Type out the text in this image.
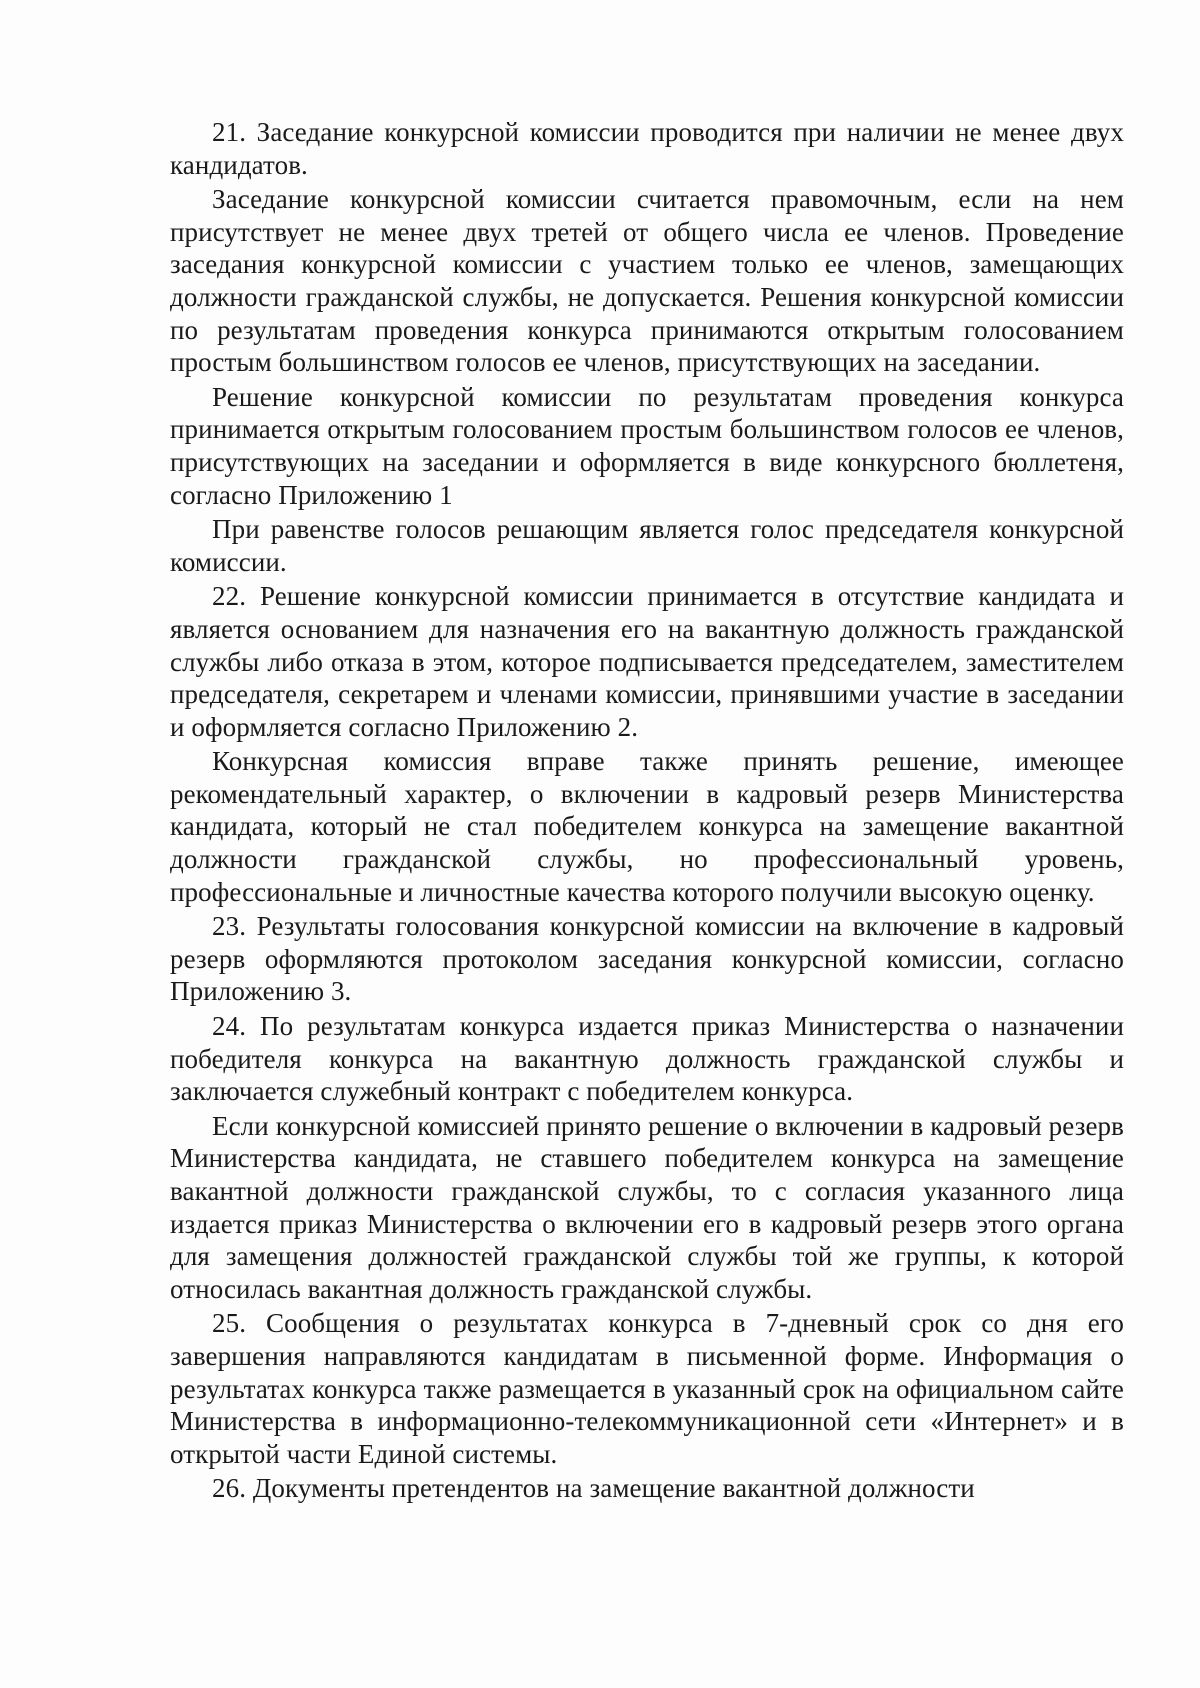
21. Заседание конкурсной комиссии проводится при наличии не менее двух кандидатов.

Заседание конкурсной комиссии считается правомочным, если на нем присутствует не менее двух третей от общего числа ее членов. Проведение заседания конкурсной комиссии с участием только ее членов, замещающих должности гражданской службы, не допускается. Решения конкурсной комиссии по результатам проведения конкурса принимаются открытым голосованием простым большинством голосов ее членов, присутствующих на заседании.

Решение конкурсной комиссии по результатам проведения конкурса принимается открытым голосованием простым большинством голосов ее членов, присутствующих на заседании и оформляется в виде конкурсного бюллетеня, согласно Приложению 1

При равенстве голосов решающим является голос председателя конкурсной комиссии.

22. Решение конкурсной комиссии принимается в отсутствие кандидата и является основанием для назначения его на вакантную должность гражданской службы либо отказа в этом, которое подписывается председателем, заместителем председателя, секретарем и членами комиссии, принявшими участие в заседании и оформляется согласно Приложению 2.

Конкурсная комиссия вправе также принять решение, имеющее рекомендательный характер, о включении в кадровый резерв Министерства кандидата, который не стал победителем конкурса на замещение вакантной должности гражданской службы, но профессиональный уровень, профессиональные и личностные качества которого получили высокую оценку.

23. Результаты голосования конкурсной комиссии на включение в кадровый резерв оформляются протоколом заседания конкурсной комиссии, согласно Приложению 3.

24. По результатам конкурса издается приказ Министерства о назначении победителя конкурса на вакантную должность гражданской службы и заключается служебный контракт с победителем конкурса.

Если конкурсной комиссией принято решение о включении в кадровый резерв Министерства кандидата, не ставшего победителем конкурса на замещение вакантной должности гражданской службы, то с согласия указанного лица издается приказ Министерства о включении его в кадровый резерв этого органа для замещения должностей гражданской службы той же группы, к которой относилась вакантная должность гражданской службы.

25. Сообщения о результатах конкурса в 7-дневный срок со дня его завершения направляются кандидатам в письменной форме. Информация о результатах конкурса также размещается в указанный срок на официальном сайте Министерства в информационно-телекоммуникационной сети «Интернет» и в открытой части Единой системы.

26. Документы претендентов на замещение вакантной должности
